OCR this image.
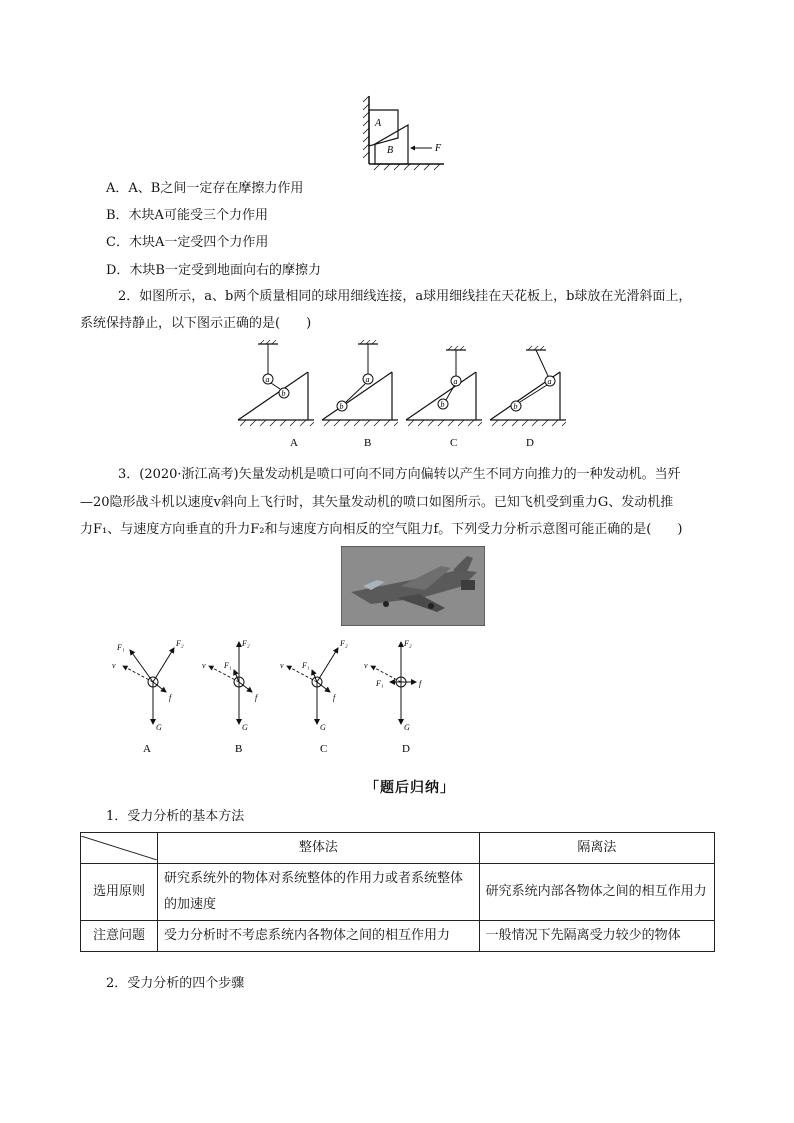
A
B	F
A．A、B之间一定存在摩擦力作用
B．木块A可能受三个力作用
C．木块A一定受四个力作用
D．木块B一定受到地面向右的摩擦力
2．如图所示，a、b两个质量相同的球用细线连接，a球用细线挂在天花板上，b球放在光滑斜面上，
系统保持静止，以下图示正确的是(　　)
a
b
a
b
a
b
a
b
A	B	C	D
3．(2020·浙江高考)矢量发动机是喷口可向不同方向偏转以产生不同方向推力的一种发动机。当歼
—20隐形战斗机以速度v斜向上飞行时，其矢量发动机的喷口如图所示。已知飞机受到重力G、发动机推
力F₁、与速度方向垂直的升力F₂和与速度方向相反的空气阻力f。下列受力分析示意图可能正确的是(　　)
F₁	F₂
v
f
G
F₂
F₁
v
f
G
F₂
F₁
v
f
G
F₂
F₁
v
f
G
A	B	C	D
「题后归纳」
1．受力分析的基本方法
	整体法	隔离法
选用原则	研究系统外的物体对系统整体的作用力或者系统整体的加速度	研究系统内部各物体之间的相互作用力
注意问题	受力分析时不考虑系统内各物体之间的相互作用力	一般情况下先隔离受力较少的物体
2．受力分析的四个步骤
